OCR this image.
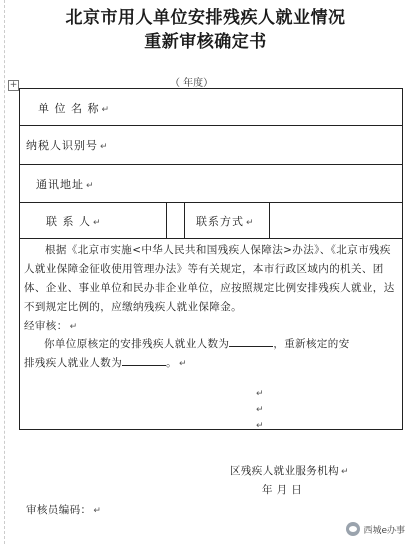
北京市用人单位安排残疾人就业情况
重新审核确定书
（ 年度）
+
单 位 名 称 ↵
纳税人识别号 ↵
通讯地址 ↵
联 系 人 ↵	联系方式 ↵
根据《北京市实施<中华人民共和国残疾人保障法>办法》、《北京市残疾人就业保障金征收使用管理办法》等有关规定，本市行政区域内的机关、团体、企业、事业单位和民办非企业单位，应按照规定比例安排残疾人就业，达不到规定比例的，应缴纳残疾人就业保障金。
经审核： ↵
你单位原核定的安排残疾人就业人数为	，重新核定的安
排残疾人就业人数为	。 ↵
↵
↵
↵
区残疾人就业服务机构 ↵
年 月 日
审核员编码： ↵
西城e办事
